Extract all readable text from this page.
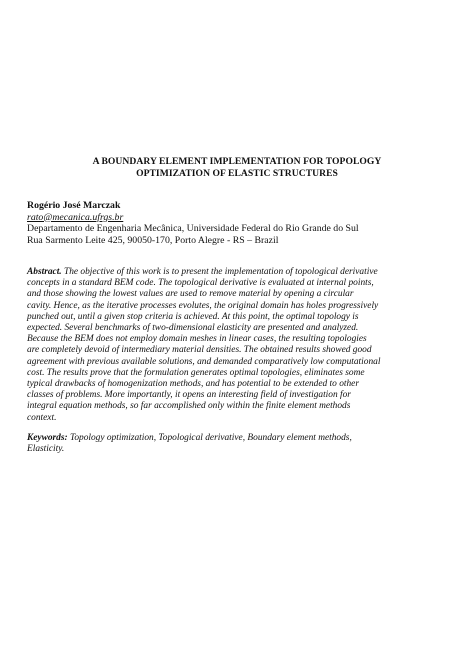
A BOUNDARY ELEMENT IMPLEMENTATION FOR TOPOLOGY
OPTIMIZATION OF ELASTIC STRUCTURES
Rogério José Marczak
rato@mecanica.ufrgs.br
Departamento de Engenharia Mecânica, Universidade Federal do Rio Grande do Sul
Rua Sarmento Leite 425, 90050-170, Porto Alegre - RS – Brazil
Abstract. The objective of this work is to present the implementation of topological derivative
concepts in a standard BEM code. The topological derivative is evaluated at internal points,
and those showing the lowest values are used to remove material by opening a circular
cavity. Hence, as the iterative processes evolutes, the original domain has holes progressively
punched out, until a given stop criteria is achieved. At this point, the optimal topology is
expected. Several benchmarks of two-dimensional elasticity are presented and analyzed.
Because the BEM does not employ domain meshes in linear cases, the resulting topologies
are completely devoid of intermediary material densities. The obtained results showed good
agreement with previous available solutions, and demanded comparatively low computational
cost. The results prove that the formulation generates optimal topologies, eliminates some
typical drawbacks of homogenization methods, and has potential to be extended to other
classes of problems. More importantly, it opens an interesting field of investigation for
integral equation methods, so far accomplished only within the finite element methods
context.
Keywords: Topology optimization, Topological derivative, Boundary element methods,
Elasticity.
